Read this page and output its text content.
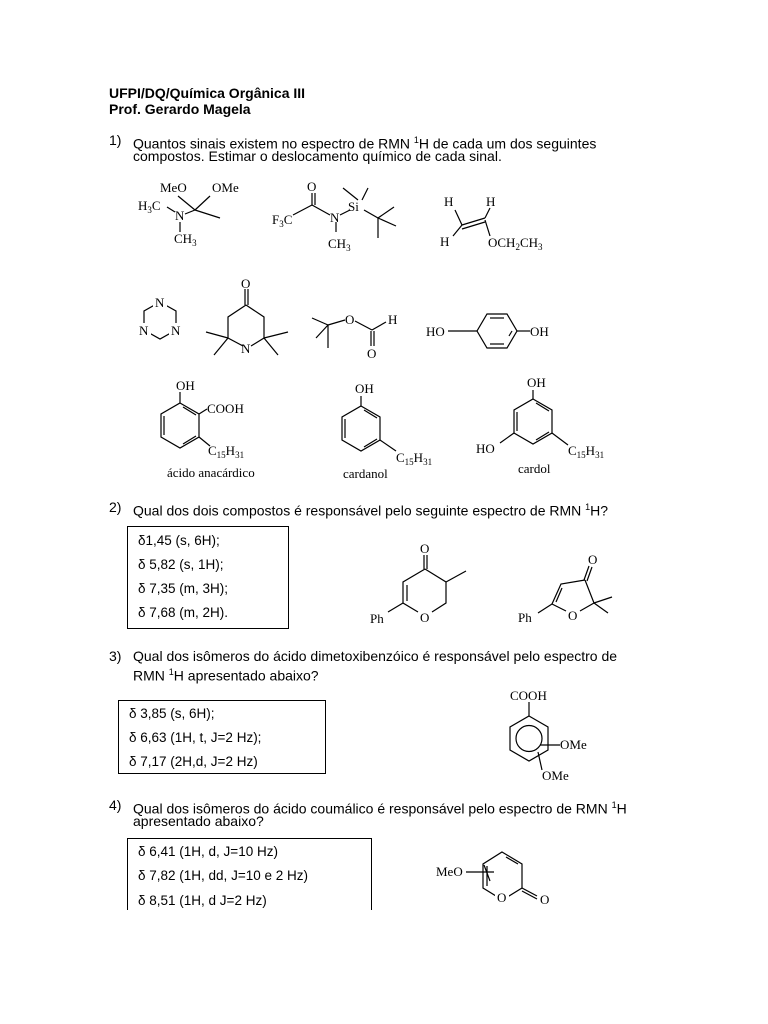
UFPI/DQ/Química Orgânica III
Prof. Gerardo Magela
1) Quantos sinais existem no espectro de RMN $^1$H de cada um dos seguintes
compostos. Estimar o deslocamento químico de cada sinal.
2) Qual dos dois compostos é responsável pelo seguinte espectro de RMN $^1$H?
δ1,45 (s, 6H);
δ 5,82 (s, 1H);
δ 7,35 (m, 3H);
δ 7,68 (m, 2H).
3) Qual dos isômeros do ácido dimetoxibenzóico é responsável pelo espectro de
RMN $^1$H apresentado abaixo?
δ 3,85 (s, 6H);
δ 6,63 (1H, t, J=2 Hz);
δ 7,17 (2H,d, J=2 Hz)
4) Qual dos isômeros do ácido coumálico é responsável pelo espectro de RMN $^1$H
apresentado abaixo?
δ 6,41 (1H, d, J=10 Hz)
δ 7,82 (1H, dd, J=10 e 2 Hz)
δ 8,51 (1H, d J=2 Hz)
MeO OMe
$H_3C$
N
$CH_3$
O
$F_3C$	N
Si
$CH_3$
H	H
H	$OCH_2CH_3$
N
N N
O
N
O	H
O
HO	OH
OH
COOH
$C_{15}H_{31}$
ácido anacárdico
OH
$C_{15}H_{31}$
cardanol
OH
HO	$C_{15}H_{31}$
cardol
O
O
Ph
O
O
Ph
COOH
OMe
OMe
MeO
O	O
